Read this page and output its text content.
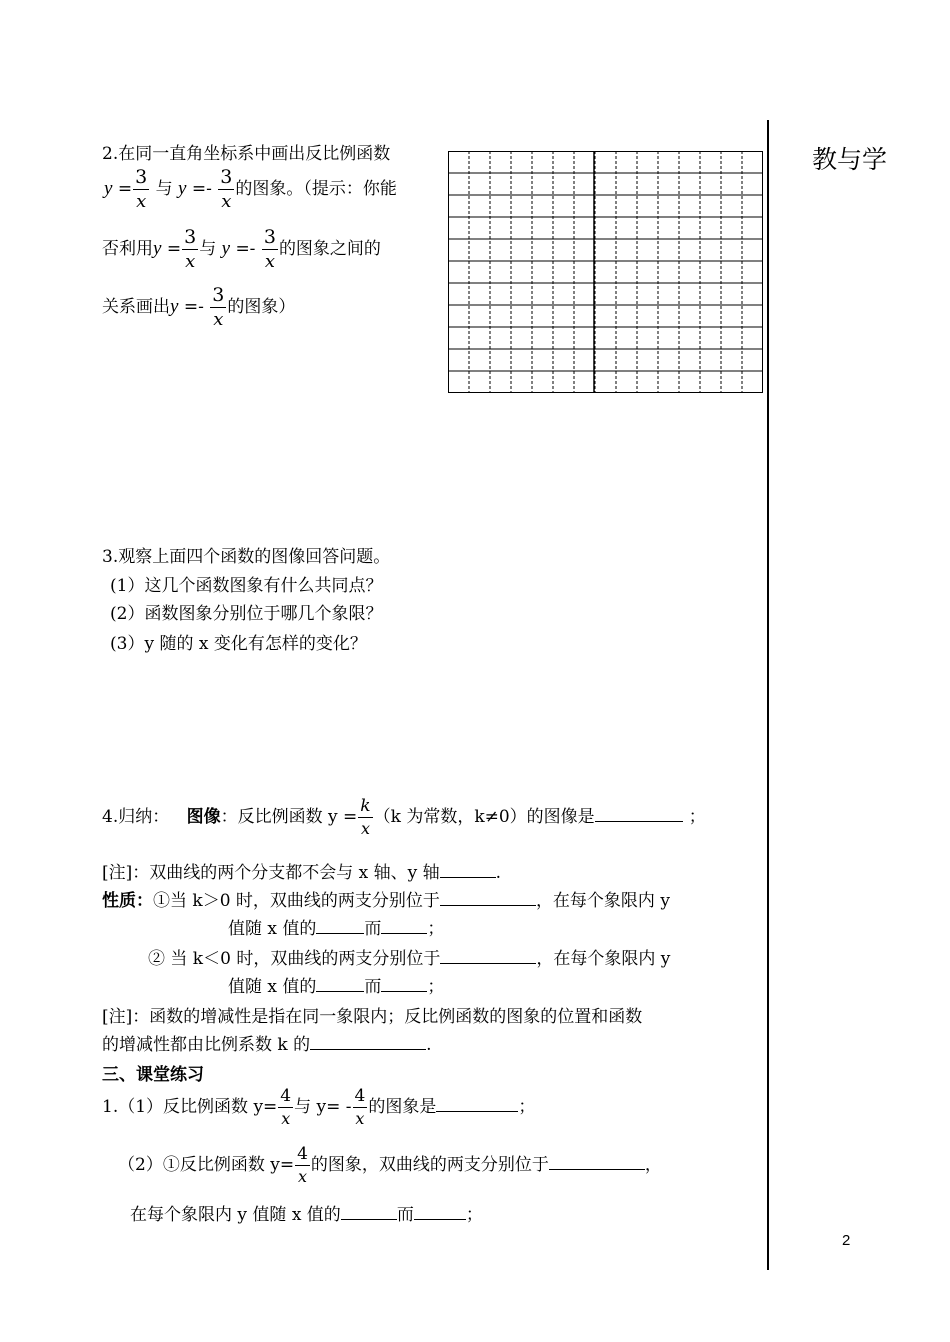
教与学
2
2.在同一直角坐标系中画出反比例函数
$y = \frac{3}{x}$ 与 $y =- \frac{3}{x}$ 的图象。（提示：你能
否利用$y = \frac{3}{x}$ 与 $y =- \frac{3}{x}$ 的图象之间的
关系画出$y =- \frac{3}{x}$ 的图象）
3.观察上面四个函数的图像回答问题。
(1）这几个函数图象有什么共同点？
(2）函数图象分别位于哪几个象限？
(3）y 随的 x 变化有怎样的变化？
4.归纳： 图像：反比例函数 $y = \frac{k}{x} (k$ 为常数，k≠0）的图像是	；
[注]：双曲线的两个分支都不会与 x 轴、y 轴	.
性质：①当 k＞0 时，双曲线的两支分别位于	，在每个象限内 y
值随 x 值的	而	；
② 当 k＜0 时，双曲线的两支分别位于	，在每个象限内 y
值随 x 值的	而	；
[注]：函数的增减性是指在同一象限内；反比例函数的图象的位置和函数
的增减性都由比例系数 k 的	.
三、课堂练习
1.（1）反比例函数 $y= \frac{4}{x}$ 与 $y= - \frac{4}{x}$ 的图象是	；
（2）①反比例函数 $y= \frac{4}{x}$ 的图象，双曲线的两支分别位于	，
在每个象限内 y 值随 x 值的	而	；
